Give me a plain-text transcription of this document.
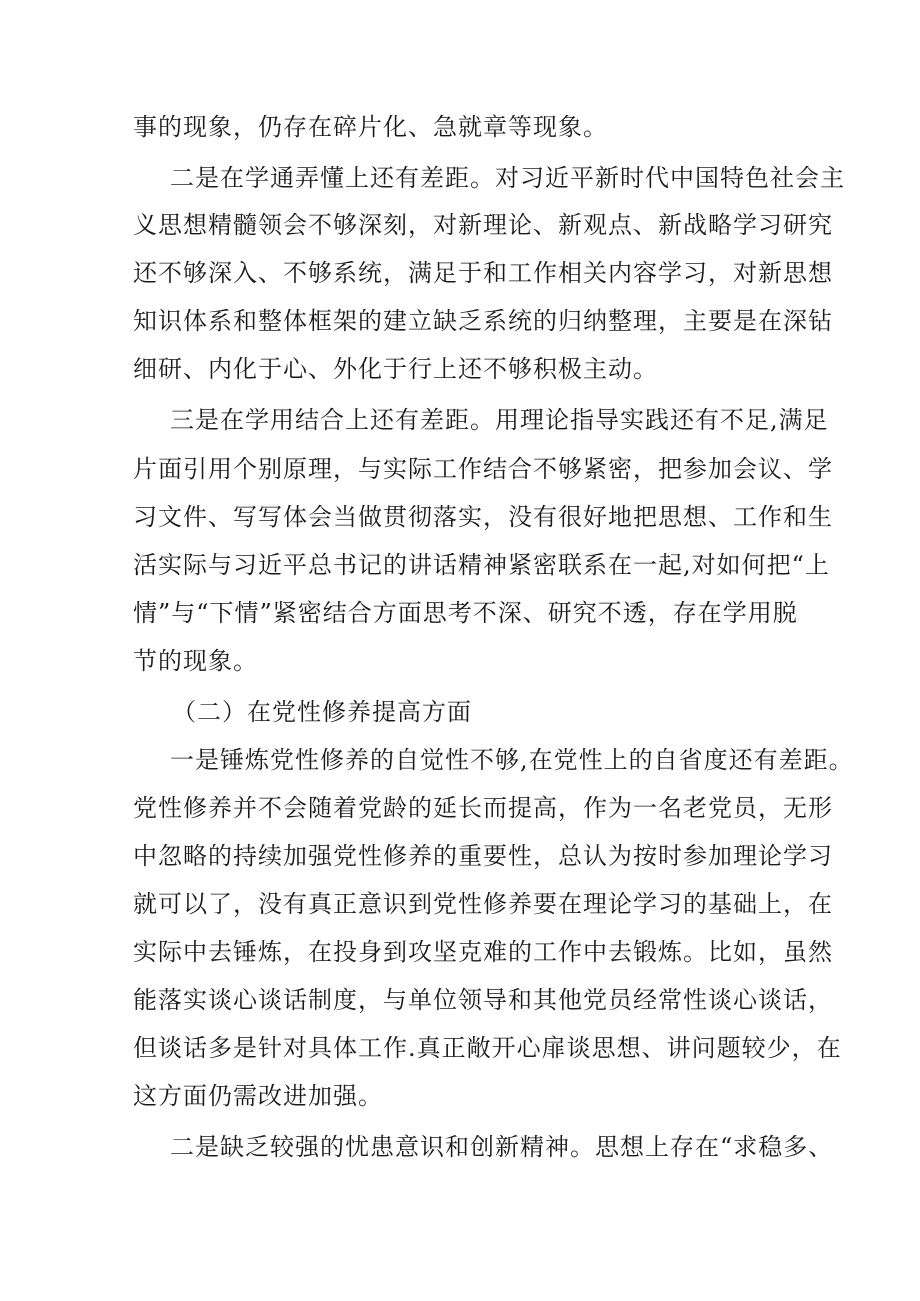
事的现象，仍存在碎片化、急就章等现象。
二是在学通弄懂上还有差距。对习近平新时代中国特色社会主
义思想精髓领会不够深刻，对新理论、新观点、新战略学习研究
还不够深入、不够系统，满足于和工作相关内容学习，对新思想
知识体系和整体框架的建立缺乏系统的归纳整理，主要是在深钻
细研、内化于心、外化于行上还不够积极主动。
三是在学用结合上还有差距。用理论指导实践还有不足,满足
片面引用个别原理，与实际工作结合不够紧密，把参加会议、学
习文件、写写体会当做贯彻落实，没有很好地把思想、工作和生
活实际与习近平总书记的讲话精神紧密联系在一起,对如何把“上
情”与“下情”紧密结合方面思考不深、研究不透，存在学用脱
节的现象。
（二）在党性修养提高方面
一是锤炼党性修养的自觉性不够,在党性上的自省度还有差距。
党性修养并不会随着党龄的延长而提高，作为一名老党员，无形
中忽略的持续加强党性修养的重要性，总认为按时参加理论学习
就可以了，没有真正意识到党性修养要在理论学习的基础上，在
实际中去锤炼，在投身到攻坚克难的工作中去锻炼。比如，虽然
能落实谈心谈话制度，与单位领导和其他党员经常性谈心谈话，
但谈话多是针对具体工作.真正敞开心扉谈思想、讲问题较少，在
这方面仍需改进加强。
二是缺乏较强的忧患意识和创新精神。思想上存在“求稳多、
